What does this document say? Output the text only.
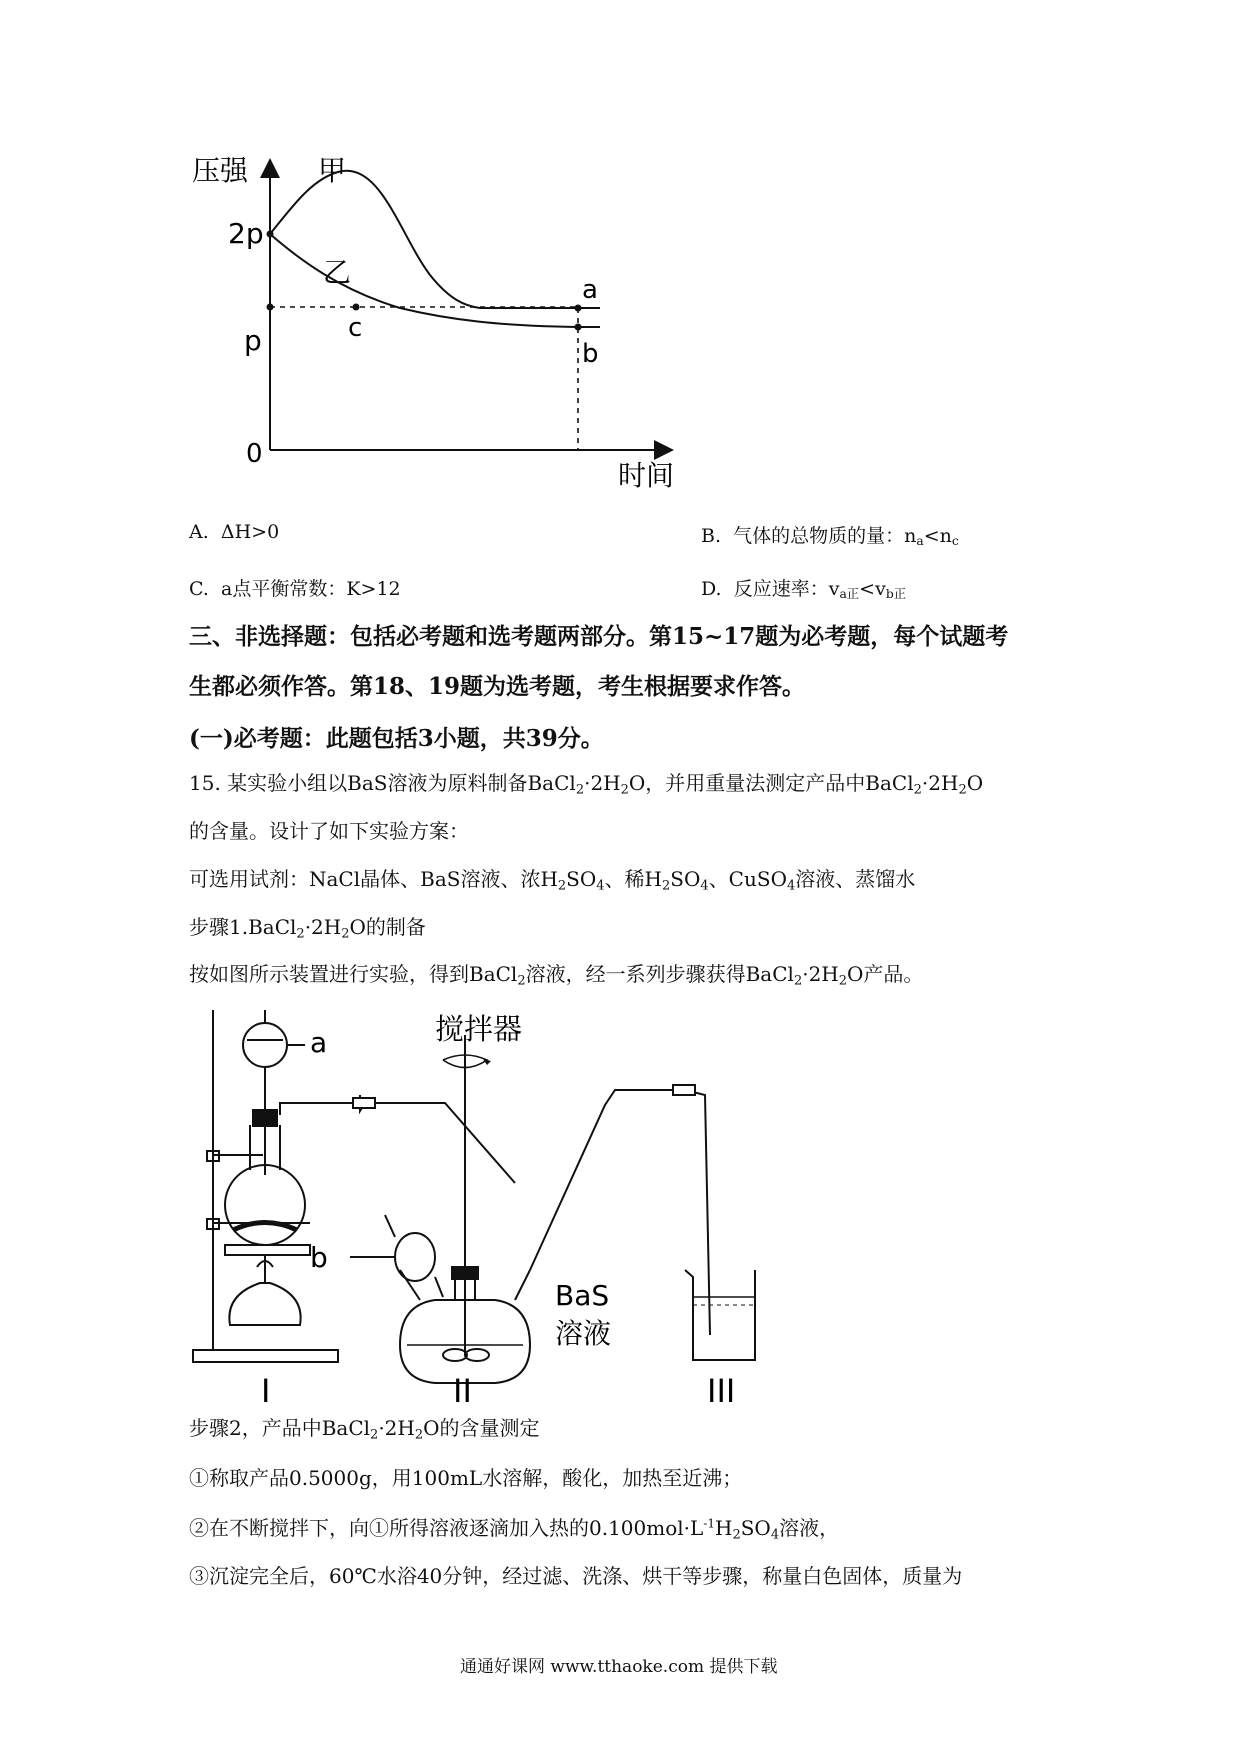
压强
时间
0
2p
p
甲
乙
c
a
b
A. ΔH>0	B. 气体的总物质的量：$n_a<n_c$
C. a点平衡常数：K>12	D. 反应速率：$v_{a正}<v_{b正}$
三、非选择题：包括必考题和选考题两部分。第15~17题为必考题，每个试题考
生都必须作答。第18、19题为选考题，考生根据要求作答。
(一)必考题：此题包括3小题，共39分。
15. 某实验小组以BaS溶液为原料制备$BaCl_2\cdot 2H_2O$，并用重量法测定产品中$BaCl_2\cdot 2H_2O$
的含量。设计了如下实验方案：
可选用试剂：NaCl晶体、BaS溶液、浓$H_2SO_4$、稀$H_2SO_4$、CuSO$_4$溶液、蒸馏水
步骤$1.BaCl_2\cdot 2H_2O$的制备
按如图所示装置进行实验，得到BaCl$_2$溶液，经一系列步骤获得$BaCl_2\cdot 2H_2O$产品。
a
b
搅拌器
BaS
溶液
I	II	III
步骤2，产品中$BaCl_2\cdot 2H_2O$的含量测定
①称取产品0.5000g，用100mL水溶解，酸化，加热至近沸；
②在不断搅拌下，向①所得溶液逐滴加入热的$0.100mol\cdot L^{-1}H_2SO_4$溶液，
③沉淀完全后，60℃水浴40分钟，经过滤、洗涤、烘干等步骤，称量白色固体，质量为
通通好课网 www.tthaoke.com 提供下载
